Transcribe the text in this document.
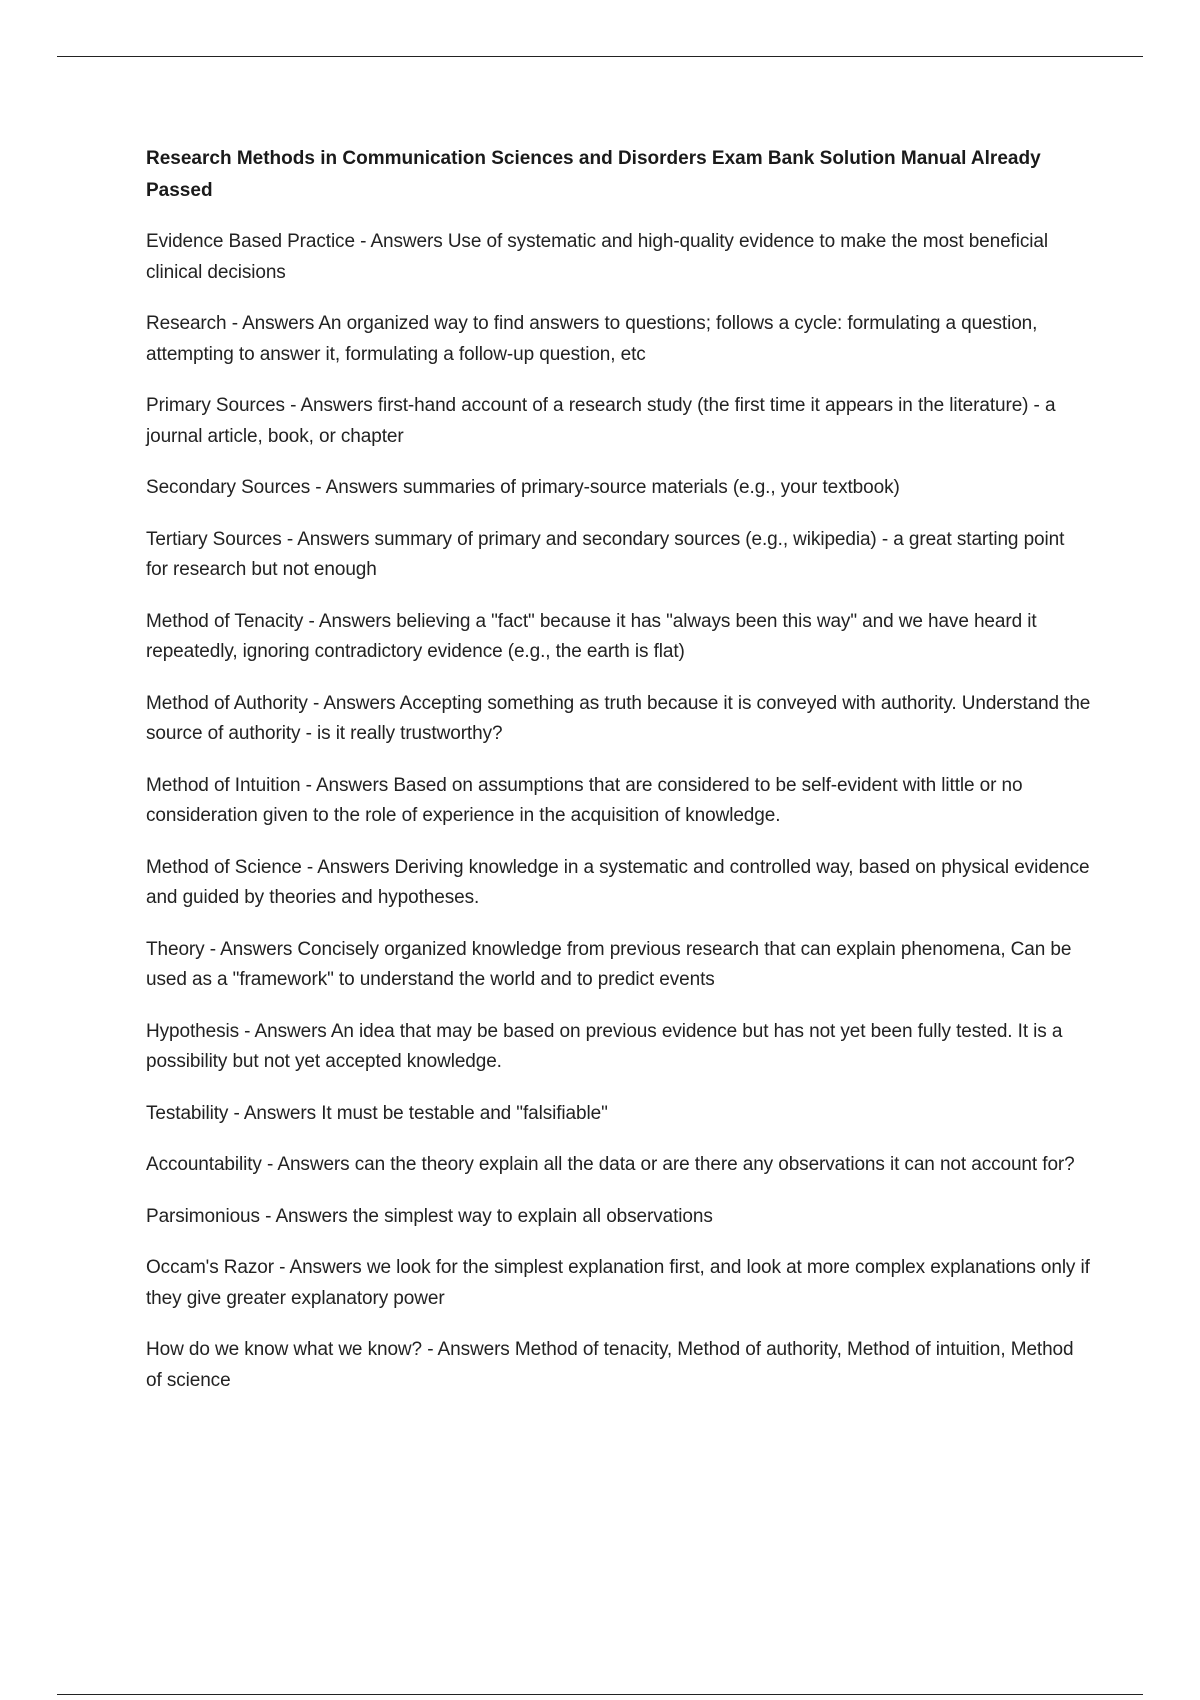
Research Methods in Communication Sciences and Disorders Exam Bank Solution Manual Already Passed
Evidence Based Practice - Answers Use of systematic and high-quality evidence to make the most beneficial clinical decisions
Research - Answers An organized way to find answers to questions; follows a cycle: formulating a question, attempting to answer it, formulating a follow-up question, etc
Primary Sources - Answers first-hand account of a research study (the first time it appears in the literature) - a journal article, book, or chapter
Secondary Sources - Answers summaries of primary-source materials (e.g., your textbook)
Tertiary Sources - Answers summary of primary and secondary sources (e.g., wikipedia) - a great starting point for research but not enough
Method of Tenacity - Answers believing a "fact" because it has "always been this way" and we have heard it repeatedly, ignoring contradictory evidence (e.g., the earth is flat)
Method of Authority - Answers Accepting something as truth because it is conveyed with authority. Understand the source of authority - is it really trustworthy?
Method of Intuition - Answers Based on assumptions that are considered to be self-evident with little or no consideration given to the role of experience in the acquisition of knowledge.
Method of Science - Answers Deriving knowledge in a systematic and controlled way, based on physical evidence and guided by theories and hypotheses.
Theory - Answers Concisely organized knowledge from previous research that can explain phenomena, Can be used as a "framework" to understand the world and to predict events
Hypothesis - Answers An idea that may be based on previous evidence but has not yet been fully tested. It is a possibility but not yet accepted knowledge.
Testability - Answers It must be testable and "falsifiable"
Accountability - Answers can the theory explain all the data or are there any observations it can not account for?
Parsimonious - Answers the simplest way to explain all observations
Occam's Razor - Answers we look for the simplest explanation first, and look at more complex explanations only if they give greater explanatory power
How do we know what we know? - Answers Method of tenacity, Method of authority, Method of intuition, Method of science
